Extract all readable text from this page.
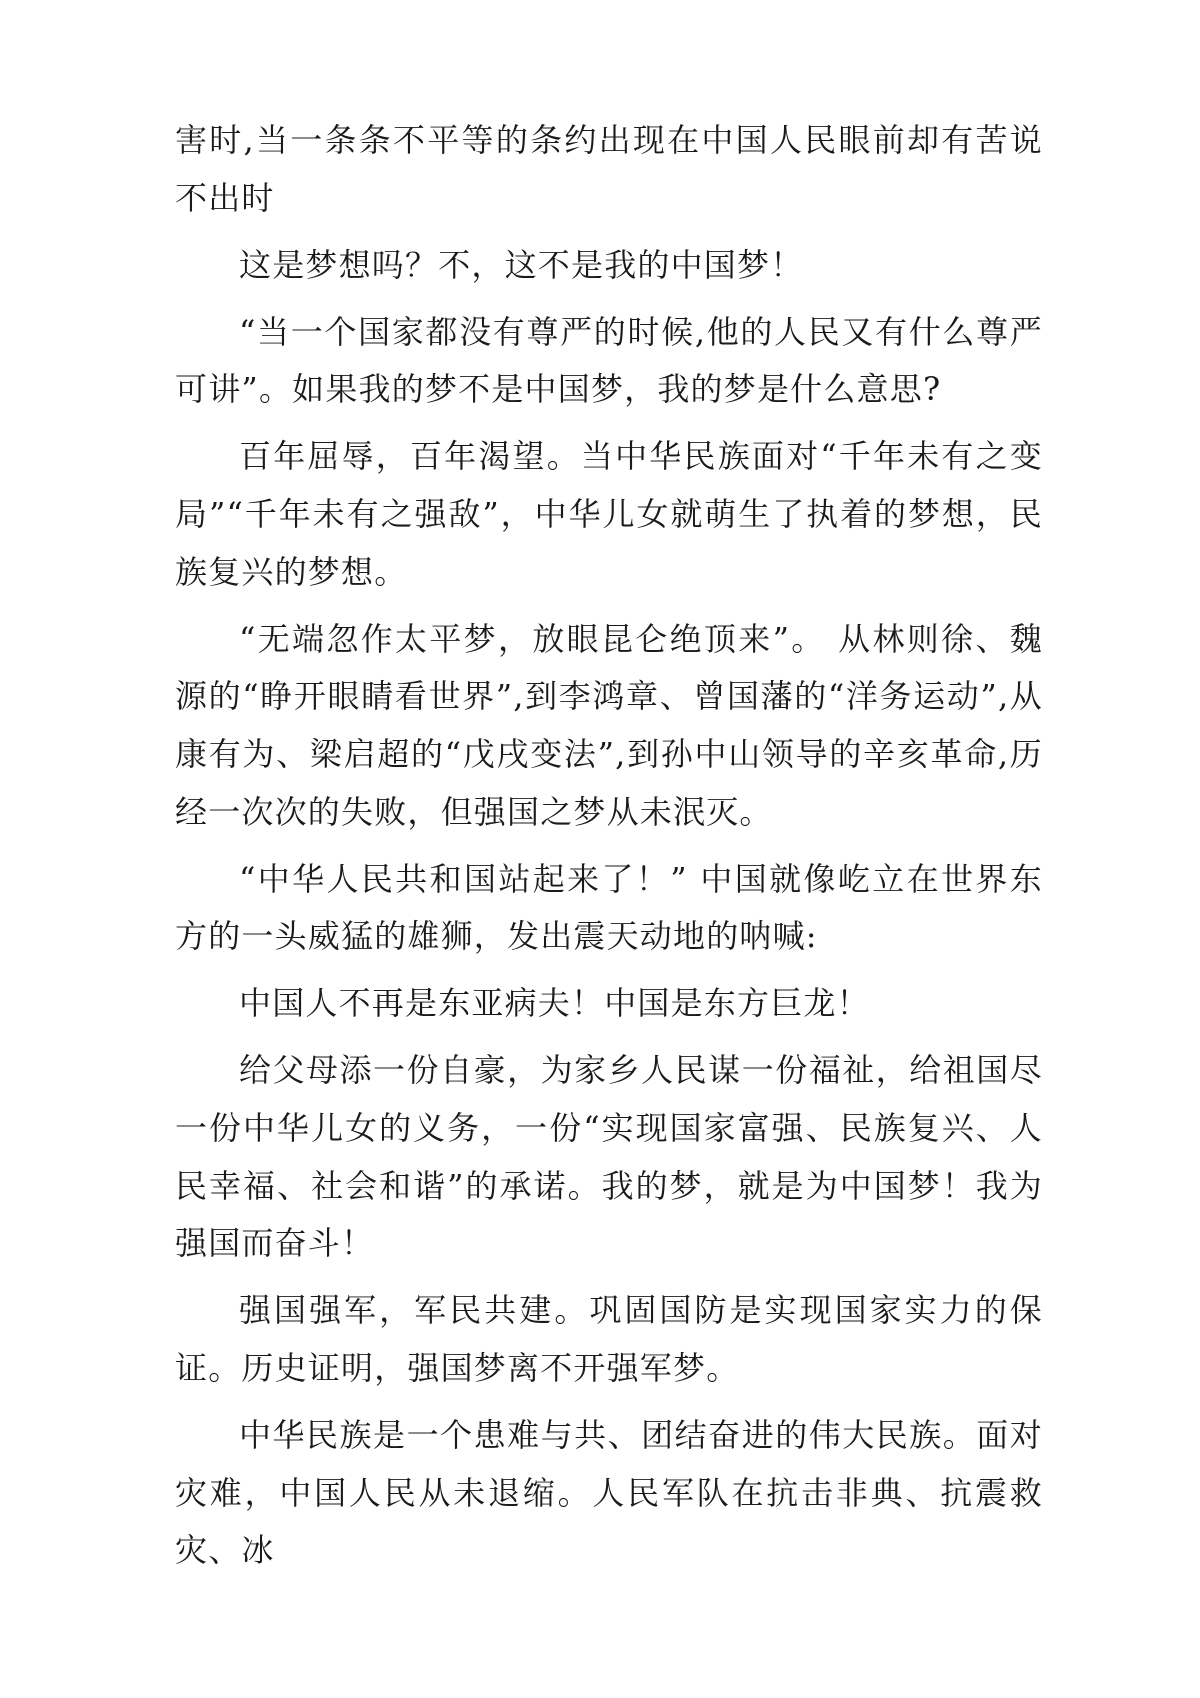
害时,当一条条不平等的条约出现在中国人民眼前却有苦说不出时

这是梦想吗？不，这不是我的中国梦！

“当一个国家都没有尊严的时候,他的人民又有什么尊严可讲”。如果我的梦不是中国梦，我的梦是什么意思?

百年屈辱，百年渴望。当中华民族面对“千年未有之变局”“千年未有之强敌”，中华儿女就萌生了执着的梦想，民族复兴的梦想。

“无端忽作太平梦，放眼昆仑绝顶来”。 从林则徐、魏源的“睁开眼睛看世界”,到李鸿章、曾国藩的“洋务运动”,从康有为、梁启超的“戊戌变法”,到孙中山领导的辛亥革命,历经一次次的失败，但强国之梦从未泯灭。

“中华人民共和国站起来了！” 中国就像屹立在世界东方的一头威猛的雄狮，发出震天动地的呐喊:

中国人不再是东亚病夫！中国是东方巨龙！

给父母添一份自豪，为家乡人民谋一份福祉，给祖国尽一份中华儿女的义务，一份“实现国家富强、民族复兴、人民幸福、社会和谐”的承诺。我的梦，就是为中国梦！我为强国而奋斗！

强国强军，军民共建。巩固国防是实现国家实力的保证。历史证明，强国梦离不开强军梦。

中华民族是一个患难与共、团结奋进的伟大民族。面对灾难，中国人民从未退缩。人民军队在抗击非典、抗震救灾、冰
